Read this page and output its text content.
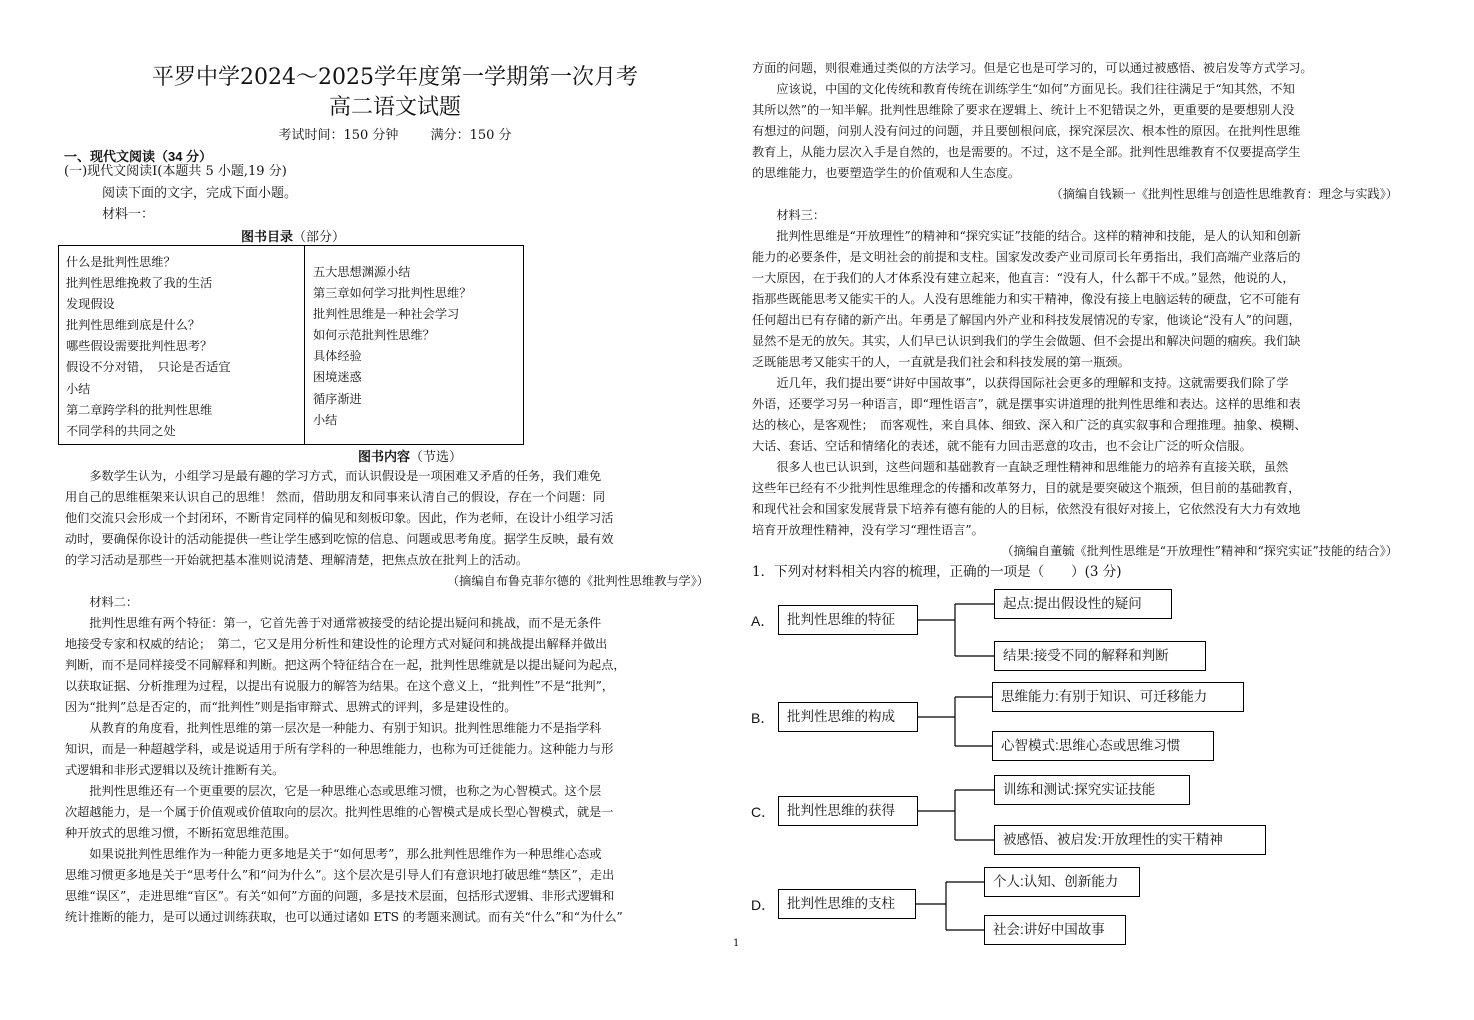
平罗中学2024～2025学年度第一学期第一次月考
高二语文试题
考试时间：150 分钟 满分：150 分
一、现代文阅读（34 分）
(一)现代文阅读Ⅰ(本题共 5 小题,19 分)
阅读下面的文字，完成下面小题。
材料一：
图书目录（部分）
什么是批判性思维？
批判性思维挽救了我的生活
发现假设
批判性思维到底是什么？
哪些假设需要批判性思考？
假设不分对错，　只论是否适宜
小结
第二章跨学科的批判性思维
不同学科的共同之处
五大思想渊源小结
第三章如何学习批判性思维？
批判性思维是一种社会学习
如何示范批判性思维？
具体经验
困境迷惑
循序渐进
小结
图书内容（节选）
　　多数学生认为，小组学习是最有趣的学习方式，而认识假设是一项困难又矛盾的任务，我们难免
用自己的思维框架来认识自己的思维！ 然而，借助朋友和同事来认清自己的假设，存在一个问题：同
他们交流只会形成一个封闭环，不断肯定同样的偏见和刻板印象。因此，作为老师，在设计小组学习活
动时，要确保你设计的活动能提供一些让学生感到吃惊的信息、问题或思考角度。据学生反映，最有效
的学习活动是那些一开始就把基本准则说清楚、理解清楚，把焦点放在批判上的活动。
（摘编自布鲁克菲尔德的《批判性思维教与学》）
　　材料二：
　　批判性思维有两个特征：第一，它首先善于对通常被接受的结论提出疑问和挑战，而不是无条件
地接受专家和权威的结论；　第二，它又是用分析性和建设性的论理方式对疑问和挑战提出解释并做出
判断，而不是同样接受不同解释和判断。把这两个特征结合在一起，批判性思维就是以提出疑问为起点，
以获取证据、分析推理为过程，以提出有说服力的解答为结果。在这个意义上，“批判性”不是“批判”，
因为“批判”总是否定的，而“批判性”则是指审辩式、思辨式的评判，多是建设性的。
　　从教育的角度看，批判性思维的第一层次是一种能力、有别于知识。批判性思维能力不是指学科
知识，而是一种超越学科，或是说适用于所有学科的一种思维能力，也称为可迁徙能力。这种能力与形
式逻辑和非形式逻辑以及统计推断有关。
　　批判性思维还有一个更重要的层次，它是一种思维心态或思维习惯，也称之为心智模式。这个层
次超越能力，是一个属于价值观或价值取向的层次。批判性思维的心智模式是成长型心智模式，就是一
种开放式的思维习惯，不断拓宽思维范围。
　　如果说批判性思维作为一种能力更多地是关于“如何思考”，那么批判性思维作为一种思维心态或
思维习惯更多地是关于“思考什么”和“问为什么”。这个层次是引导人们有意识地打破思维“禁区”，走出
思维“误区”，走进思维“盲区”。有关“如何”方面的问题，多是技术层面，包括形式逻辑、非形式逻辑和
统计推断的能力，是可以通过训练获取，也可以通过诸如 ETS 的考题来测试。而有关“什么”和“为什么”
方面的问题，则很难通过类似的方法学习。但是它也是可学习的，可以通过被感悟、被启发等方式学习。
　　应该说，中国的文化传统和教育传统在训练学生“如何”方面见长。我们往往满足于“知其然，不知
其所以然”的一知半解。批判性思维除了要求在逻辑上、统计上不犯错误之外，更重要的是要想别人没
有想过的问题，问别人没有问过的问题，并且要刨根问底，探究深层次、根本性的原因。在批判性思维
教育上，从能力层次入手是自然的，也是需要的。不过，这不是全部。批判性思维教育不仅要提高学生
的思维能力，也要塑造学生的价值观和人生态度。
（摘编自钱颖一《批判性思维与创造性思维教育：理念与实践》）
　　材料三：
　　批判性思维是“开放理性”的精神和“探究实证”技能的结合。这样的精神和技能，是人的认知和创新
能力的必要条件，是文明社会的前提和支柱。国家发改委产业司原司长年勇指出，我们高端产业落后的
一大原因，在于我们的人才体系没有建立起来，他直言：“没有人，什么都干不成。”显然，他说的人，
指那些既能思考又能实干的人。人没有思维能力和实干精神，像没有接上电脑运转的硬盘，它不可能有
任何超出已有存储的新产出。年勇是了解国内外产业和科技发展情况的专家，他谈论“没有人”的问题，
显然不是无的放矢。其实，人们早已认识到我们的学生会做题、但不会提出和解决问题的痼疾。我们缺
乏既能思考又能实干的人，一直就是我们社会和科技发展的第一瓶颈。
　　近几年，我们提出要“讲好中国故事”，以获得国际社会更多的理解和支持。这就需要我们除了学
外语，还要学习另一种语言，即“理性语言”，就是摆事实讲道理的批判性思维和表达。这样的思维和表
达的核心，是客观性；　而客观性，来自具体、细致、深入和广泛的真实叙事和合理推理。抽象、模糊、
大话、套话、空话和情绪化的表述，就不能有力回击恶意的攻击，也不会让广泛的听众信服。
　　很多人也已认识到，这些问题和基础教育一直缺乏理性精神和思维能力的培养有直接关联，虽然
这些年已经有不少批判性思维理念的传播和改革努力，目的就是要突破这个瓶颈，但目前的基础教育，
和现代社会和国家发展背景下培养有德有能的人的目标，依然没有很好对接上，它依然没有大力有效地
培育开放理性精神，没有学习“理性语言”。
（摘编自董毓《批判性思维是“开放理性”精神和“探究实证”技能的结合》）
1．下列对材料相关内容的梳理，正确的一项是（　　）(3 分)
A． 批判性思维的特征
起点:提出假设性的疑问
结果:接受不同的解释和判断
B． 批判性思维的构成
思维能力:有别于知识、可迁移能力
心智模式:思维心态或思维习惯
C． 批判性思维的获得
训练和测试:探究实证技能
被感悟、被启发:开放理性的实干精神
D． 批判性思维的支柱
个人:认知、创新能力
社会:讲好中国故事
1
